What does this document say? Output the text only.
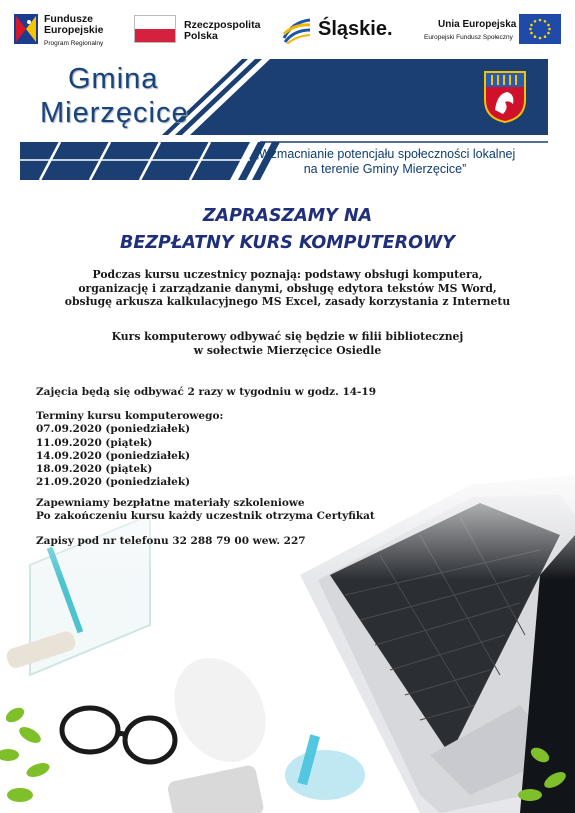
Fundusze
Europejskie
Program Regionalny
Rzeczpospolita
Polska	Śląskie.	Unia Europejska
Europejski Fundusz Społeczny
Gmina
Mierzęcice
„Wzmacnianie potencjału społeczności lokalnej
na terenie Gminy Mierzęcice”
ZAPRASZAMY NA
BEZPŁATNY KURS KOMPUTEROWY
Podczas kursu uczestnicy poznają: podstawy obsługi komputera,
organizację i zarządzanie danymi, obsługę edytora tekstów MS Word,
obsługę arkusza kalkulacyjnego MS Excel, zasady korzystania z Internetu
Kurs komputerowy odbywać się będzie w filii bibliotecznej
w sołectwie Mierzęcice Osiedle
Zajęcia będą się odbywać 2 razy w tygodniu w godz. 14-19
Terminy kursu komputerowego:
07.09.2020 (poniedziałek)
11.09.2020 (piątek)
14.09.2020 (poniedziałek)
18.09.2020 (piątek)
21.09.2020 (poniedziałek)
Zapewniamy bezpłatne materiały szkoleniowe
Po zakończeniu kursu każdy uczestnik otrzyma Certyfikat
Zapisy pod nr telefonu 32 288 79 00 wew. 227
